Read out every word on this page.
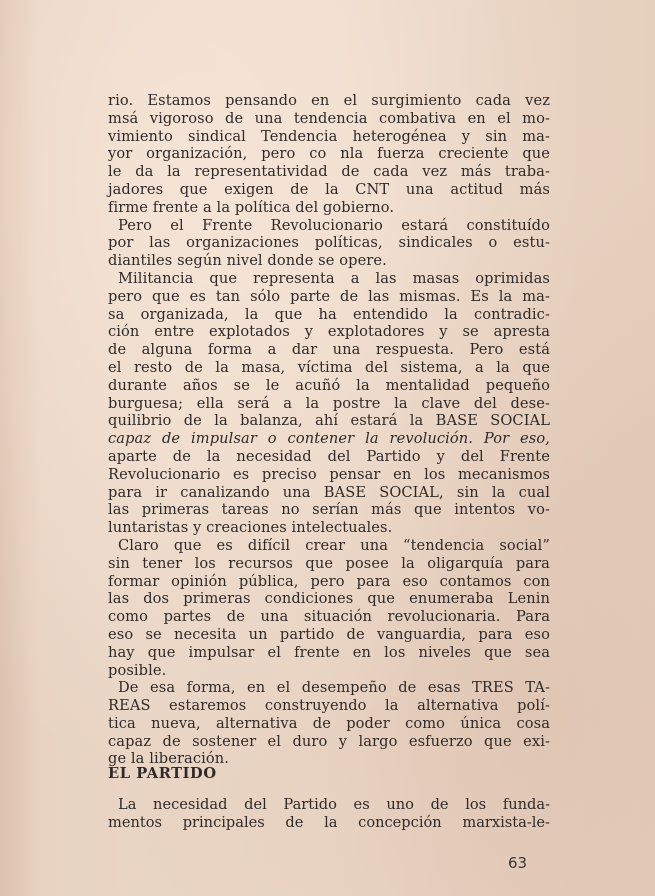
rio. Estamos pensando en el surgimiento cada vez
msá vigoroso de una tendencia combativa en el mo-
vimiento sindical Tendencia heterogénea y sin ma-
yor organización, pero co nla fuerza creciente que
le da la representatividad de cada vez más traba-
jadores que exigen de la CNT una actitud más
firme frente a la política del gobierno.
Pero el Frente Revolucionario estará constituído
por las organizaciones políticas, sindicales o estu-
diantiles según nivel donde se opere.
Militancia que representa a las masas oprimidas
pero que es tan sólo parte de las mismas. Es la ma-
sa organizada, la que ha entendido la contradic-
ción entre explotados y explotadores y se apresta
de alguna forma a dar una respuesta. Pero está
el resto de la masa, víctima del sistema, a la que
durante años se le acuñó la mentalidad pequeño
burguesa; ella será a la postre la clave del dese-
quilibrio de la balanza, ahí estará la BASE SOCIAL
capaz de impulsar o contener la revolución. Por eso,
aparte de la necesidad del Partido y del Frente
Revolucionario es preciso pensar en los mecanismos
para ir canalizando una BASE SOCIAL, sin la cual
las primeras tareas no serían más que intentos vo-
luntaristas y creaciones intelectuales.
Claro que es difícil crear una “tendencia social”
sin tener los recursos que posee la oligarquía para
formar opinión pública, pero para eso contamos con
las dos primeras condiciones que enumeraba Lenin
como partes de una situación revolucionaria. Para
eso se necesita un partido de vanguardia, para eso
hay que impulsar el frente en los niveles que sea
posible.
De esa forma, en el desempeño de esas TRES TA-
REAS estaremos construyendo la alternativa polí-
tica nueva, alternativa de poder como única cosa
capaz de sostener el duro y largo esfuerzo que exi-
ge la liberación.
EL PARTIDO
La necesidad del Partido es uno de los funda-
mentos principales de la concepción marxista-le-
63
